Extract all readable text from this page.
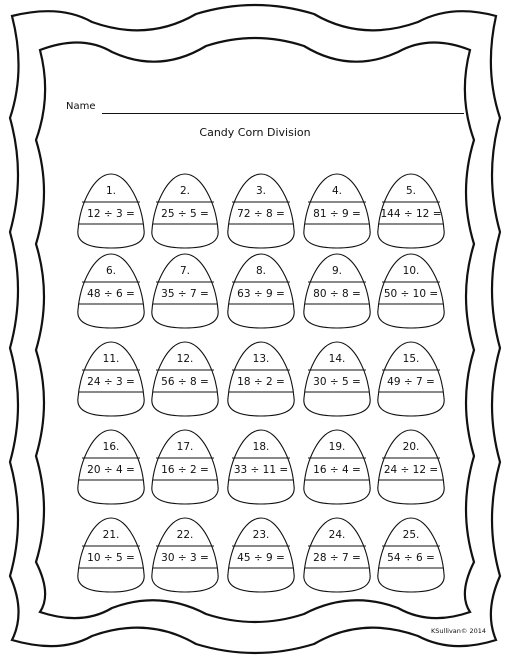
Name
Candy Corn Division
1.
12 ÷ 3 =
2.
25 ÷ 5 =
3.
72 ÷ 8 =
4.
81 ÷ 9 =
5.
144 ÷ 12 =
6.
48 ÷ 6 =
7.
35 ÷ 7 =
8.
63 ÷ 9 =
9.
80 ÷ 8 =
10.
50 ÷ 10 =
11.
24 ÷ 3 =
12.
56 ÷ 8 =
13.
18 ÷ 2 =
14.
30 ÷ 5 =
15.
49 ÷ 7 =
16.
20 ÷ 4 =
17.
16 ÷ 2 =
18.
33 ÷ 11 =
19.
16 ÷ 4 =
20.
24 ÷ 12 =
21.
10 ÷ 5 =
22.
30 ÷ 3 =
23.
45 ÷ 9 =
24.
28 ÷ 7 =
25.
54 ÷ 6 =
KSullivan© 2014
